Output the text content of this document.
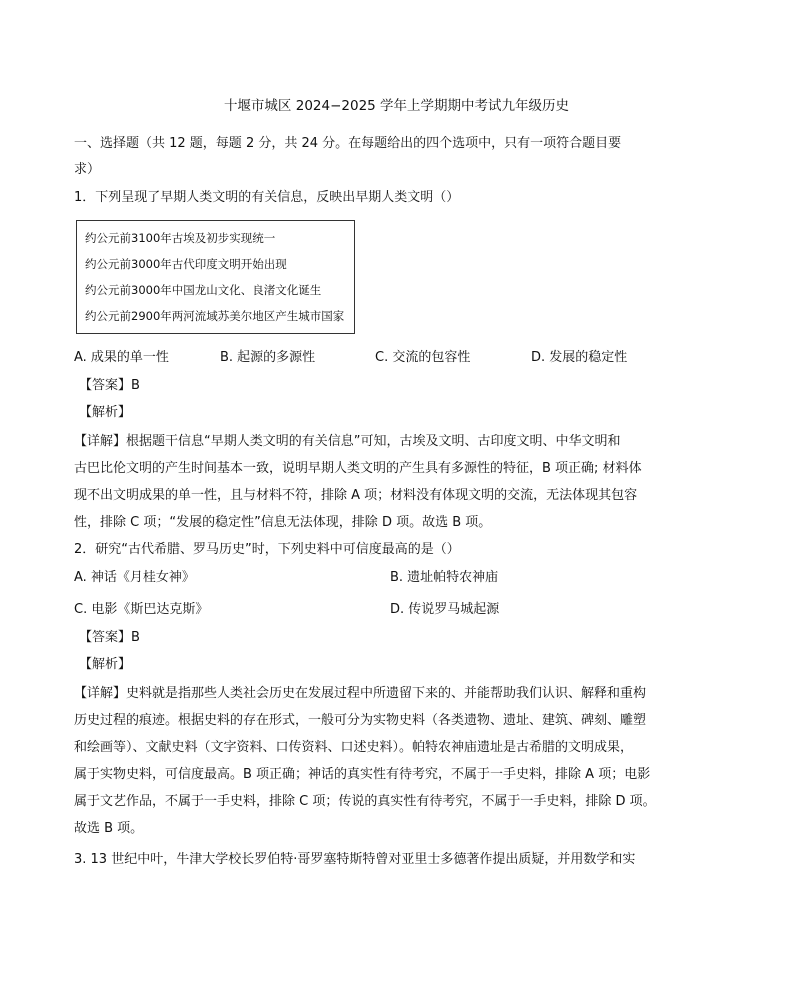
十堰市城区 2024−2025 学年上学期期中考试九年级历史
一、选择题（共 12 题，每题 2 分，共 24 分。在每题给出的四个选项中，只有一项符合题目要
求）
1．下列呈现了早期人类文明的有关信息，反映出早期人类文明（）
约公元前3100年古埃及初步实现统一
约公元前3000年古代印度文明开始出现
约公元前3000年中国龙山文化、良渚文化诞生
约公元前2900年两河流域苏美尔地区产生城市国家
A. 成果的单一性	B. 起源的多源性	C. 交流的包容性	D. 发展的稳定性
【答案】B
【解析】
【详解】根据题干信息“早期人类文明的有关信息”可知，古埃及文明、古印度文明、中华文明和
古巴比伦文明的产生时间基本一致，说明早期人类文明的产生具有多源性的特征，B 项正确; 材料体
现不出文明成果的单一性，且与材料不符，排除 A 项；材料没有体现文明的交流，无法体现其包容
性，排除 C 项；“发展的稳定性”信息无法体现，排除 D 项。故选 B 项。
2．研究“古代希腊、罗马历史”时，下列史料中可信度最高的是（）
A. 神话《月桂女神》	B. 遗址帕特农神庙
C. 电影《斯巴达克斯》	D. 传说罗马城起源
【答案】B
【解析】
【详解】史料就是指那些人类社会历史在发展过程中所遗留下来的、并能帮助我们认识、解释和重构
历史过程的痕迹。根据史料的存在形式，一般可分为实物史料（各类遗物、遗址、建筑、碑刻、雕塑
和绘画等）、文献史料（文字资料、口传资料、口述史料）。帕特农神庙遗址是古希腊的文明成果，
属于实物史料，可信度最高。B 项正确；神话的真实性有待考究，不属于一手史料，排除 A 项；电影
属于文艺作品，不属于一手史料，排除 C 项；传说的真实性有待考究，不属于一手史料，排除 D 项。
故选 B 项。
3. 13 世纪中叶，牛津大学校长罗伯特·哥罗塞特斯特曾对亚里士多德著作提出质疑，并用数学和实
